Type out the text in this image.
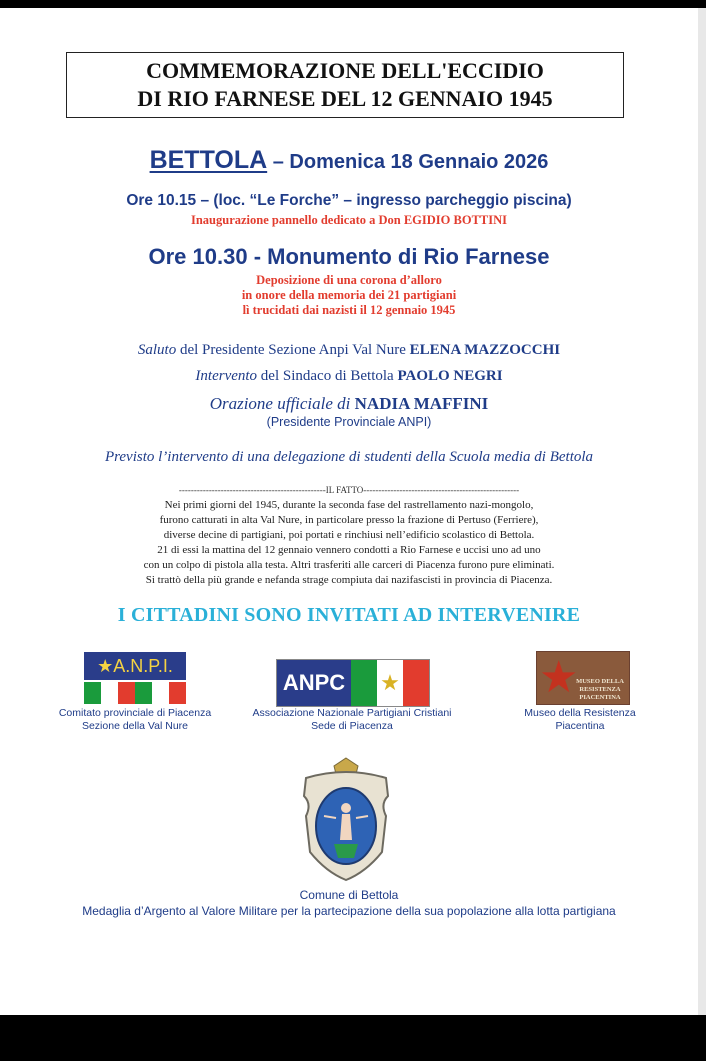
COMMEMORAZIONE DELL'ECCIDIO
DI RIO FARNESE DEL 12 GENNAIO 1945
BETTOLA – Domenica 18 Gennaio 2026
Ore 10.15 – (loc. “Le Forche” – ingresso parcheggio piscina)
Inaugurazione pannello dedicato a Don EGIDIO BOTTINI
Ore 10.30 - Monumento di Rio Farnese
Deposizione di una corona d’alloro
in onore della memoria dei 21 partigiani
lì trucidati dai nazisti il 12 gennaio 1945
Saluto del Presidente Sezione Anpi Val Nure ELENA MAZZOCCHI
Intervento del Sindaco di Bettola PAOLO NEGRI
Orazione ufficiale di NADIA MAFFINI
(Presidente Provinciale ANPI)
Previsto l’intervento di una delegazione di studenti della Scuola media di Bettola
-------------------------------------------------IL FATTO----------------------------------------------------
Nei primi giorni del 1945, durante la seconda fase del rastrellamento nazi-mongolo,
furono catturati in alta Val Nure, in particolare presso la frazione di Pertuso (Ferriere),
diverse decine di partigiani, poi portati e rinchiusi nell’edificio scolastico di Bettola.
21 di essi la mattina del 12 gennaio vennero condotti a Rio Farnese e uccisi uno ad uno
con un colpo di pistola alla testa. Altri trasferiti alle carceri di Piacenza furono pure eliminati.
Si trattò della più grande e nefanda strage compiuta dai nazifascisti in provincia di Piacenza.
I CITTADINI SONO INVITATI AD INTERVENIRE
★A.N.P.I.
Comitato provinciale di Piacenza
Sezione della Val Nure
ANPC ★
Associazione Nazionale Partigiani Cristiani
Sede di Piacenza
★
MUSEO DELLA
RESISTENZA
PIACENTINA
Museo della Resistenza
Piacentina
Comune di Bettola
Medaglia d’Argento al Valore Militare per la partecipazione della sua popolazione alla lotta partigiana
